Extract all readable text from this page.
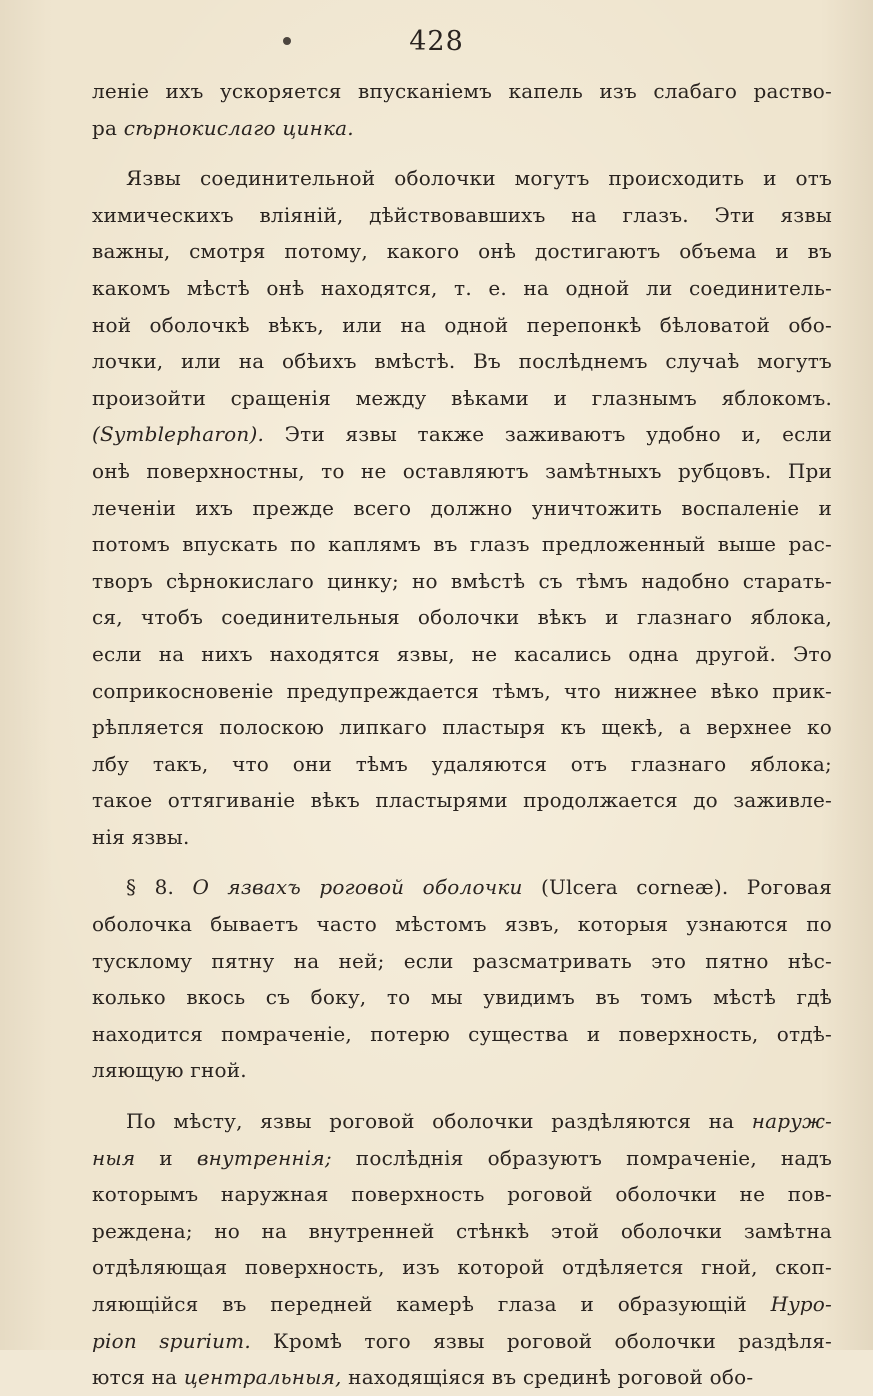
428
леніе ихъ ускоряется впусканіемъ капель изъ слабаго раство-
ра сѣрнокислаго цинка.
Язвы соединительной оболочки могутъ происходить и отъ
химическихъ вліяній, дѣйствовавшихъ на глазъ. Эти язвы
важны, смотря потому, какого онѣ достигаютъ объема и въ
какомъ мѣстѣ онѣ находятся, т. е. на одной ли соединитель-
ной оболочкѣ вѣкъ, или на одной перепонкѣ бѣловатой обо-
лочки, или на обѣихъ вмѣстѣ. Въ послѣднемъ случаѣ могутъ
произойти сращенія между вѣками и глазнымъ яблокомъ.
(Symblepharon). Эти язвы также заживаютъ удобно и, если
онѣ поверхностны, то не оставляютъ замѣтныхъ рубцовъ. При
леченіи ихъ прежде всего должно уничтожить воспаленіе и
потомъ впускать по каплямъ въ глазъ предложенный выше рас-
творъ сѣрнокислаго цинку; но вмѣстѣ съ тѣмъ надобно старать-
ся, чтобъ соединительныя оболочки вѣкъ и глазнаго яблока,
если на нихъ находятся язвы, не касались одна другой. Это
соприкосновеніе предупреждается тѣмъ, что нижнее вѣко прик-
рѣпляется полоскою липкаго пластыря къ щекѣ, а верхнее ко
лбу такъ, что они тѣмъ удаляются отъ глазнаго яблока;
такое оттягиваніе вѣкъ пластырями продолжается до заживле-
нія язвы.
§ 8. О язвахъ роговой оболочки (Ulcera corneæ). Роговая
оболочка бываетъ часто мѣстомъ язвъ, которыя узнаются по
тусклому пятну на ней; если разсматривать это пятно нѣс-
колько вкось съ боку, то мы увидимъ въ томъ мѣстѣ гдѣ
находится помраченіе, потерю существа и поверхность, отдѣ-
ляющую гной.
По мѣсту, язвы роговой оболочки раздѣляются на наруж-
ныя и внутреннія; послѣднія образуютъ помраченіе, надъ
которымъ наружная поверхность роговой оболочки не пов-
реждена; но на внутренней стѣнкѣ этой оболочки замѣтна
отдѣляющая поверхность, изъ которой отдѣляется гной, скоп-
ляющійся въ передней камерѣ глаза и образующій Hypo-
pion spurium. Кромѣ того язвы роговой оболочки раздѣля-
ются на центральныя, находящіяся въ срединѣ роговой обо-
